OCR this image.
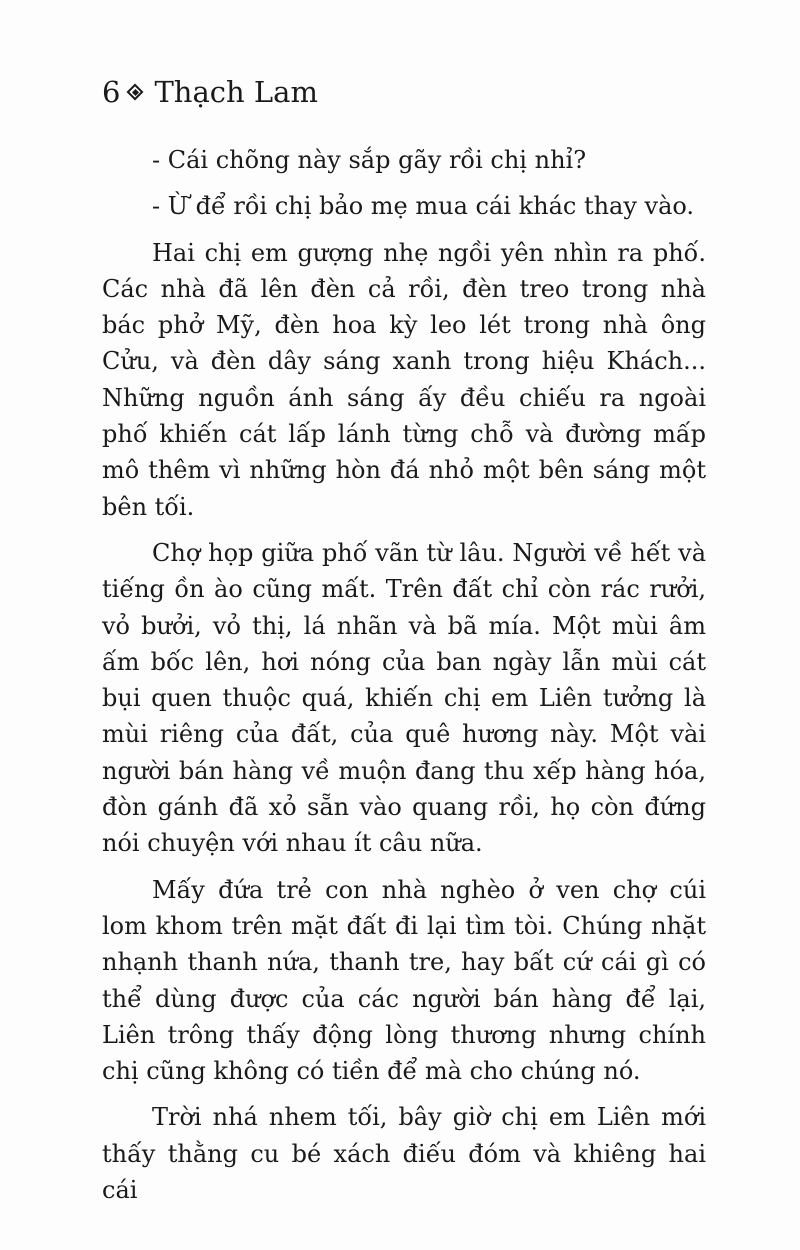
6 Thạch Lam

- Cái chõng này sắp gãy rồi chị nhỉ?

- Ừ để rồi chị bảo mẹ mua cái khác thay vào.

Hai chị em gượng nhẹ ngồi yên nhìn ra phố. Các nhà đã lên đèn cả rồi, đèn treo trong nhà bác phở Mỹ, đèn hoa kỳ leo lét trong nhà ông Cửu, và đèn dây sáng xanh trong hiệu Khách... Những nguồn ánh sáng ấy đều chiếu ra ngoài phố khiến cát lấp lánh từng chỗ và đường mấp mô thêm vì những hòn đá nhỏ một bên sáng một bên tối.

Chợ họp giữa phố vãn từ lâu. Người về hết và tiếng ồn ào cũng mất. Trên đất chỉ còn rác rưởi, vỏ bưởi, vỏ thị, lá nhãn và bã mía. Một mùi âm ấm bốc lên, hơi nóng của ban ngày lẫn mùi cát bụi quen thuộc quá, khiến chị em Liên tưởng là mùi riêng của đất, của quê hương này. Một vài người bán hàng về muộn đang thu xếp hàng hóa, đòn gánh đã xỏ sẵn vào quang rồi, họ còn đứng nói chuyện với nhau ít câu nữa.

Mấy đứa trẻ con nhà nghèo ở ven chợ cúi lom khom trên mặt đất đi lại tìm tòi. Chúng nhặt nhạnh thanh nứa, thanh tre, hay bất cứ cái gì có thể dùng được của các người bán hàng để lại, Liên trông thấy động lòng thương nhưng chính chị cũng không có tiền để mà cho chúng nó.

Trời nhá nhem tối, bây giờ chị em Liên mới thấy thằng cu bé xách điếu đóm và khiêng hai cái
